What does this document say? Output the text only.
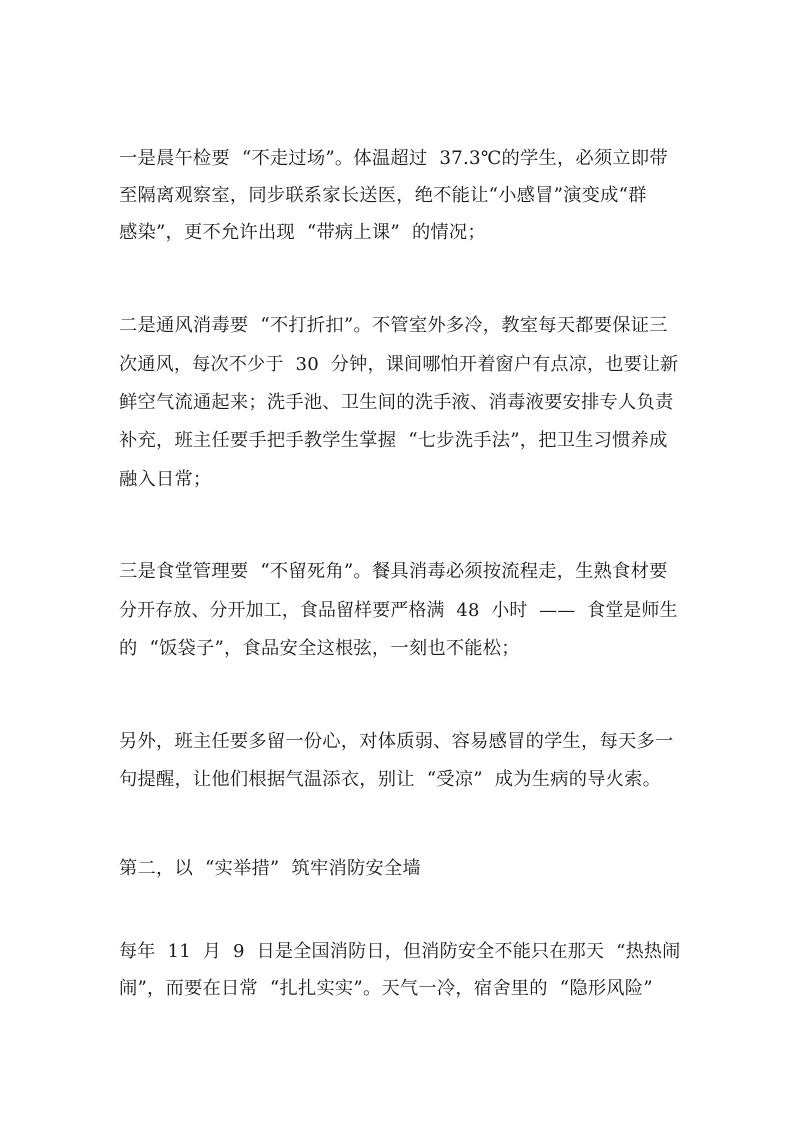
一是晨午检要  “不走过场”。体温超过  37.3℃的学生，必须立即带
至隔离观察室，同步联系家长送医，绝不能让“小感冒”演变成“群
感染”，更不允许出现  “带病上课”  的情况；
二是通风消毒要  “不打折扣”。不管室外多冷，教室每天都要保证三
次通风，每次不少于  30  分钟，课间哪怕开着窗户有点凉，也要让新
鲜空气流通起来；洗手池、卫生间的洗手液、消毒液要安排专人负责
补充，班主任要手把手教学生掌握  “七步洗手法”，把卫生习惯养成
融入日常；
三是食堂管理要  “不留死角”。餐具消毒必须按流程走，生熟食材要
分开存放、分开加工，食品留样要严格满  48  小时  ——  食堂是师生
的  “饭袋子”，食品安全这根弦，一刻也不能松；
另外，班主任要多留一份心，对体质弱、容易感冒的学生，每天多一
句提醒，让他们根据气温添衣，别让  “受凉”  成为生病的导火索。
第二，以  “实举措”  筑牢消防安全墙
每年  11  月  9  日是全国消防日，但消防安全不能只在那天  “热热闹
闹”，而要在日常  “扎扎实实”。天气一冷，宿舍里的  “隐形风险”
